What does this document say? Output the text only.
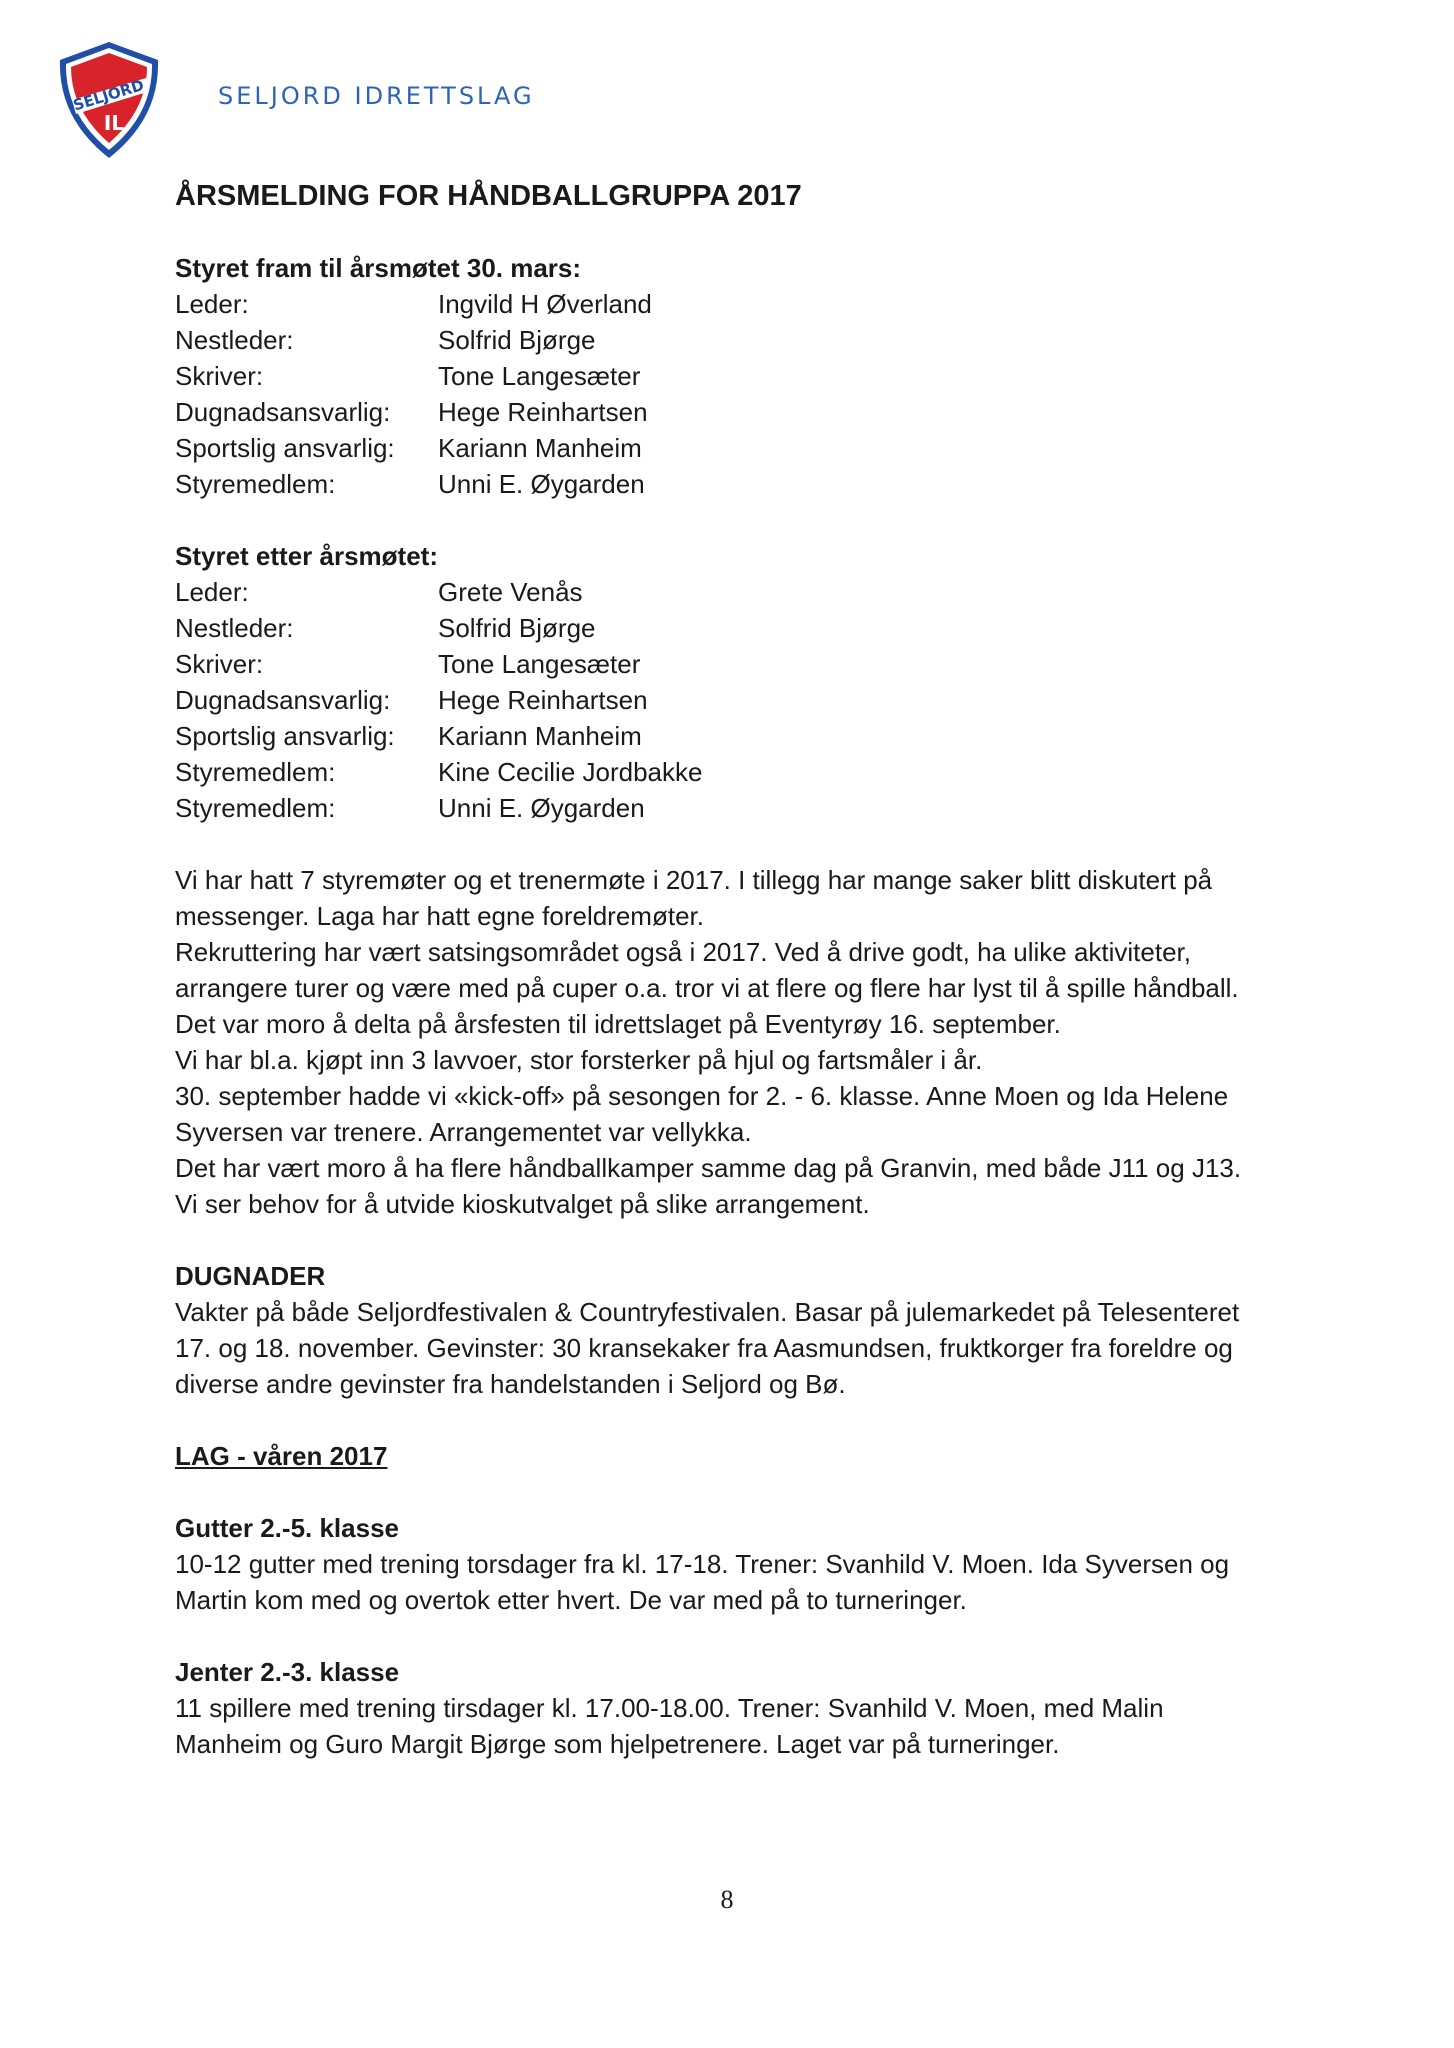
SELJORD
IL
SELJORD IDRETTSLAG
ÅRSMELDING FOR HÅNDBALLGRUPPA 2017
Styret fram til årsmøtet 30. mars:
Leder:	Ingvild H Øverland
Nestleder:	Solfrid Bjørge
Skriver:	Tone Langesæter
Dugnadsansvarlig:	Hege Reinhartsen
Sportslig ansvarlig:	Kariann Manheim
Styremedlem:	Unni E. Øygarden
Styret etter årsmøtet:
Leder:	Grete Venås
Nestleder:	Solfrid Bjørge
Skriver:	Tone Langesæter
Dugnadsansvarlig:	Hege Reinhartsen
Sportslig ansvarlig:	Kariann Manheim
Styremedlem:	Kine Cecilie Jordbakke
Styremedlem:	Unni E. Øygarden

Vi har hatt 7 styremøter og et trenermøte i 2017. I tillegg har mange saker blitt diskutert på

messenger. Laga har hatt egne foreldremøter.

Rekruttering har vært satsingsområdet også i 2017. Ved å drive godt, ha ulike aktiviteter,

arrangere turer og være med på cuper o.a. tror vi at flere og flere har lyst til å spille håndball.

Det var moro å delta på årsfesten til idrettslaget på Eventyrøy 16. september.

Vi har bl.a. kjøpt inn 3 lavvoer, stor forsterker på hjul og fartsmåler i år.

30. september hadde vi «kick-off» på sesongen for 2. - 6. klasse. Anne Moen og Ida Helene

Syversen var trenere. Arrangementet var vellykka.

Det har vært moro å ha flere håndballkamper samme dag på Granvin, med både J11 og J13.

Vi ser behov for å utvide kioskutvalget på slike arrangement.

DUGNADER

Vakter på både Seljordfestivalen & Countryfestivalen. Basar på julemarkedet på Telesenteret

17. og 18. november. Gevinster: 30 kransekaker fra Aasmundsen, fruktkorger fra foreldre og

diverse andre gevinster fra handelstanden i Seljord og Bø.

LAG - våren 2017
Gutter 2.-5. klasse

10-12 gutter med trening torsdager fra kl. 17-18. Trener: Svanhild V. Moen. Ida Syversen og

Martin kom med og overtok etter hvert. De var med på to turneringer.

Jenter 2.-3. klasse

11 spillere med trening tirsdager kl. 17.00-18.00. Trener: Svanhild V. Moen, med Malin

Manheim og Guro Margit Bjørge som hjelpetrenere. Laget var på turneringer.

8
